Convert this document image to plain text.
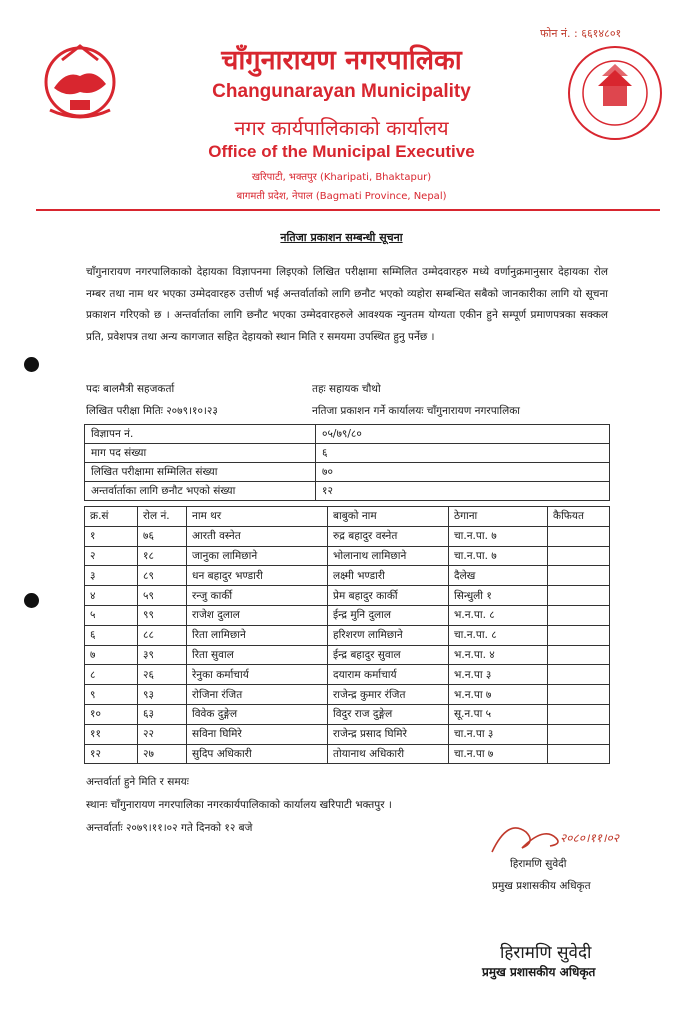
फोन नं. : ६६१४८०१
चाँगुनारायण नगरपालिका
Changunarayan Municipality
नगर कार्यपालिकाको कार्यालय
Office of the Municipal Executive
खरिपाटी, भक्तपुर (Kharipati, Bhaktapur)
बागमती प्रदेश, नेपाल (Bagmati Province, Nepal)
नतिजा प्रकाशन सम्बन्धी सूचना
चाँगुनारायण नगरपालिकाको देहायका विज्ञापनमा लिइएको लिखित परीक्षामा सम्मिलित उम्मेदवारहरु मध्ये वर्णानुक्रमानुसार देहायका रोल नम्बर तथा नाम थर भएका उम्मेदवारहरु उत्तीर्ण भई अन्तर्वार्ताको लागि छनौट भएको व्यहोरा सम्बन्धित सबैको जानकारीका लागि यो सूचना प्रकाशन गरिएको छ । अन्तर्वार्ताका लागि छनौट भएका उम्मेदवारहरुले आवश्यक न्युनतम योग्यता एकीन हुने सम्पूर्ण प्रमाणपत्रका सक्कल प्रति, प्रवेशपत्र तथा अन्य कागजात सहित देहायको स्थान मिति र समयमा उपस्थित हुनु पर्नेछ ।
पदः बालमैत्री सहजकर्ता	तहः सहायक चौथो
लिखित परीक्षा मितिः २०७९।१०।२३	नतिजा प्रकाशन गर्ने कार्यालयः चाँगुनारायण नगरपालिका
विज्ञापन नं.	०५/७९/८०
माग पद संख्या	६
लिखित परीक्षामा सम्मिलित संख्या	७०
अन्तर्वार्ताका लागि छनौट भएको संख्या	१२
क्र.सं	रोल नं.	नाम थर	बाबुको नाम	ठेगाना	कैफियत
१	७६	आरती वस्नेत	रुद्र बहादुर वस्नेत	चा.न.पा. ७	
२	१८	जानुका लामिछाने	भोलानाथ लामिछाने	चा.न.पा. ७	
३	८९	धन बहादुर भण्डारी	लक्ष्मी भण्डारी	दैलेख	
४	५९	रन्जु कार्की	प्रेम बहादुर कार्की	सिन्धुली १	
५	९९	राजेश दुलाल	ईन्द्र मुनि दुलाल	भ.न.पा. ८	
६	८८	रिता लामिछाने	हरिशरण लामिछाने	चा.न.पा. ८	
७	३९	रिता सुवाल	ईन्द्र बहादुर सुवाल	भ.न.पा. ४	
८	२६	रेनुका कर्माचार्य	दयाराम कर्माचार्य	भ.न.पा ३	
९	९३	रोजिना रंजित	राजेन्द्र कुमार रंजित	भ.न.पा ७	
१०	६३	विवेक दुङ्गेल	विदुर राज दुङ्गेल	सू.न.पा ५	
११	२२	सविना घिमिरे	राजेन्द्र प्रसाद घिमिरे	चा.न.पा ३	
१२	२७	सुदिप अधिकारी	तोयानाथ अधिकारी	चा.न.पा ७	
अन्तर्वार्ता हुने मिति र समयः
स्थानः चाँगुनारायण नगरपालिका नगरकार्यपालिकाको कार्यालय खरिपाटी भक्तपुर ।
अन्तर्वार्ताः २०७९।११।०२ गते दिनको १२ बजे
२०८०।११।०२
हिरामणि सुवेदी
प्रमुख प्रशासकीय अधिकृत
हिरामणि सुवेदी
प्रमुख प्रशासकीय अधिकृत
